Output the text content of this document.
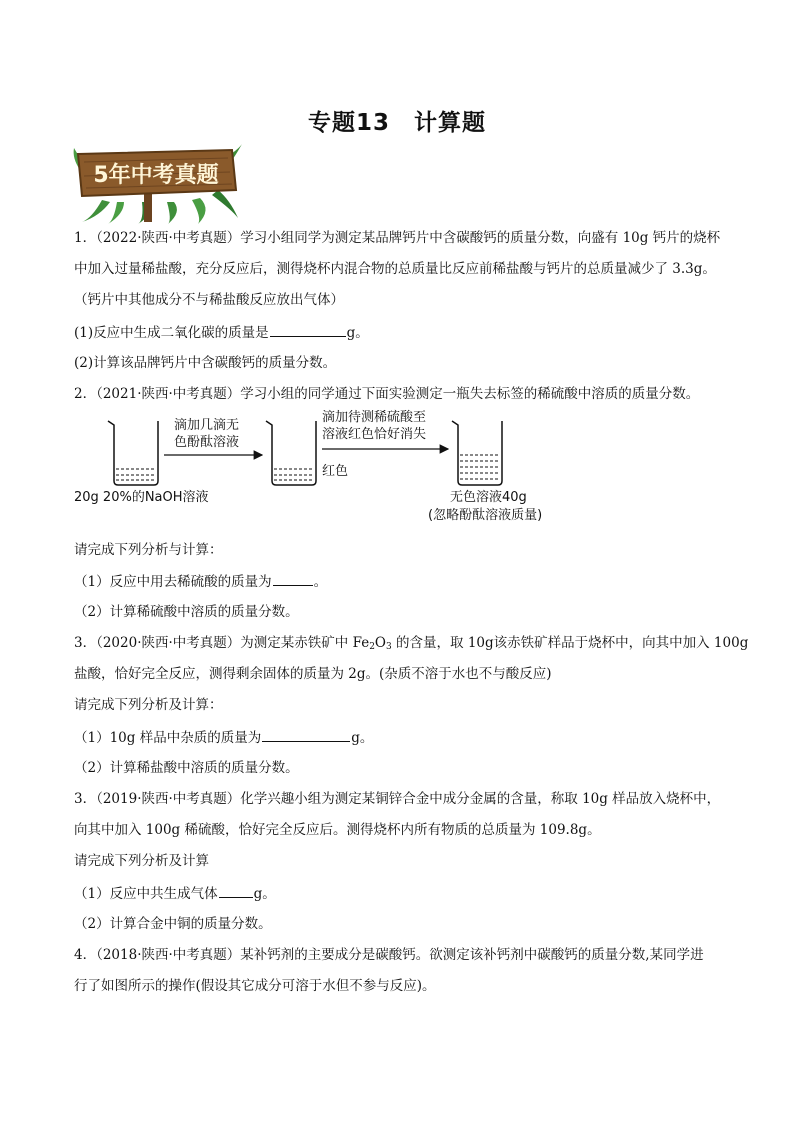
专题13　计算题
5年中考真题
1．（2022·陕西·中考真题）学习小组同学为测定某品牌钙片中含碳酸钙的质量分数，向盛有 10g 钙片的烧杯
中加入过量稀盐酸，充分反应后，测得烧杯内混合物的总质量比反应前稀盐酸与钙片的总质量减少了 3.3g。
（钙片中其他成分不与稀盐酸反应放出气体）
(1)反应中生成二氧化碳的质量是	g。
(2)计算该品牌钙片中含碳酸钙的质量分数。
2．（2021·陕西·中考真题）学习小组的同学通过下面实验测定一瓶失去标签的稀硫酸中溶质的质量分数。
滴加几滴无
色酚酞溶液
滴加待测稀硫酸至
溶液红色恰好消失
红色
20g 20%的NaOH溶液	无色溶液40g
(忽略酚酞溶液质量)
请完成下列分析与计算：
（1）反应中用去稀硫酸的质量为	。
（2）计算稀硫酸中溶质的质量分数。
3．（2020·陕西·中考真题）为测定某赤铁矿中 $Fe_2O_3$ 的含量，取 10g该赤铁矿样品于烧杯中，向其中加入 100g
盐酸，恰好完全反应，测得剩余固体的质量为 2g。(杂质不溶于水也不与酸反应)
请完成下列分析及计算：
（1）10g 样品中杂质的质量为	g。
（2）计算稀盐酸中溶质的质量分数。
3．（2019·陕西·中考真题）化学兴趣小组为测定某铜锌合金中成分金属的含量，称取 10g 样品放入烧杯中，
向其中加入 100g 稀硫酸，恰好完全反应后。测得烧杯内所有物质的总质量为 109.8g。
请完成下列分析及计算
（1）反应中共生成气体	g。
（2）计算合金中铜的质量分数。
4．（2018·陕西·中考真题）某补钙剂的主要成分是碳酸钙。欲测定该补钙剂中碳酸钙的质量分数,某同学进
行了如图所示的操作(假设其它成分可溶于水但不参与反应)。
